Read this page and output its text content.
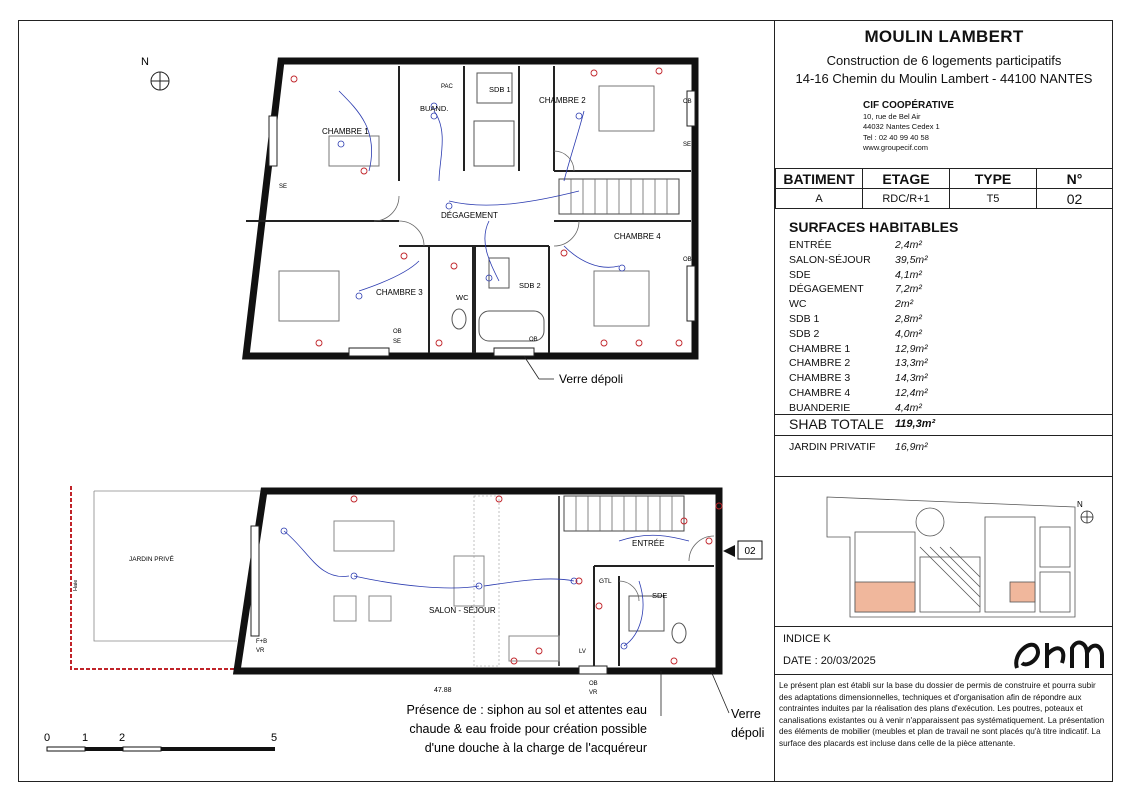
N
CHAMBRE 1
CHAMBRE 2
CHAMBRE 3
CHAMBRE 4
BUAND.
SDB 1
SDB 2
DÉGAGEMENT
WC
PAC
SE
OB
SE
OB
SE	OB
OB
Verre dépoli
JARDIN PRIVÉ
Haie
SALON - SÉJOUR
ENTRÉE
SDE
GTL
F+B
VR
OB
VR
LV
47.88
02
Présence de : siphon au sol et attentes eau
chaude & eau froide pour création possible
d'une douche à la charge de l'acquéreur
Verre
dépoli
0	1	2	5
MOULIN LAMBERT
Construction de 6 logements participatifs
14-16 Chemin du Moulin Lambert - 44100 NANTES
CIF COOPÉRATIVE
10, rue de Bel Air
44032 Nantes Cedex 1
Tel : 02 40 99 40 58
www.groupecif.com
BATIMENT	ETAGE	TYPE	N°
A	RDC/R+1	T5	02
SURFACES HABITABLES
ENTRÉE	2,4m²
SALON-SÉJOUR	39,5m²
SDE	4,1m²
DÉGAGEMENT	7,2m²
WC	2m²
SDB 1	2,8m²
SDB 2	4,0m²
CHAMBRE 1	12,9m²
CHAMBRE 2	13,3m²
CHAMBRE 3	14,3m²
CHAMBRE 4	12,4m²
BUANDERIE	4,4m²
SHAB TOTALE 119,3m²
JARDIN PRIVATIF	16,9m²
N
INDICE K
DATE : 20/03/2025
Le présent plan est établi sur la base du dossier de permis de construire et pourra subir des adaptations dimensionnelles, techniques et d'organisation afin de répondre aux contraintes induites par la réalisation des plans d'exécution. Les poutres, poteaux et canalisations existantes ou à venir n'apparaissent pas systématiquement. La présentation des éléments de mobilier (meubles et plan de travail ne sont placés qu'à titre indicatif. La surface des placards est incluse dans celle de la pièce attenante.
